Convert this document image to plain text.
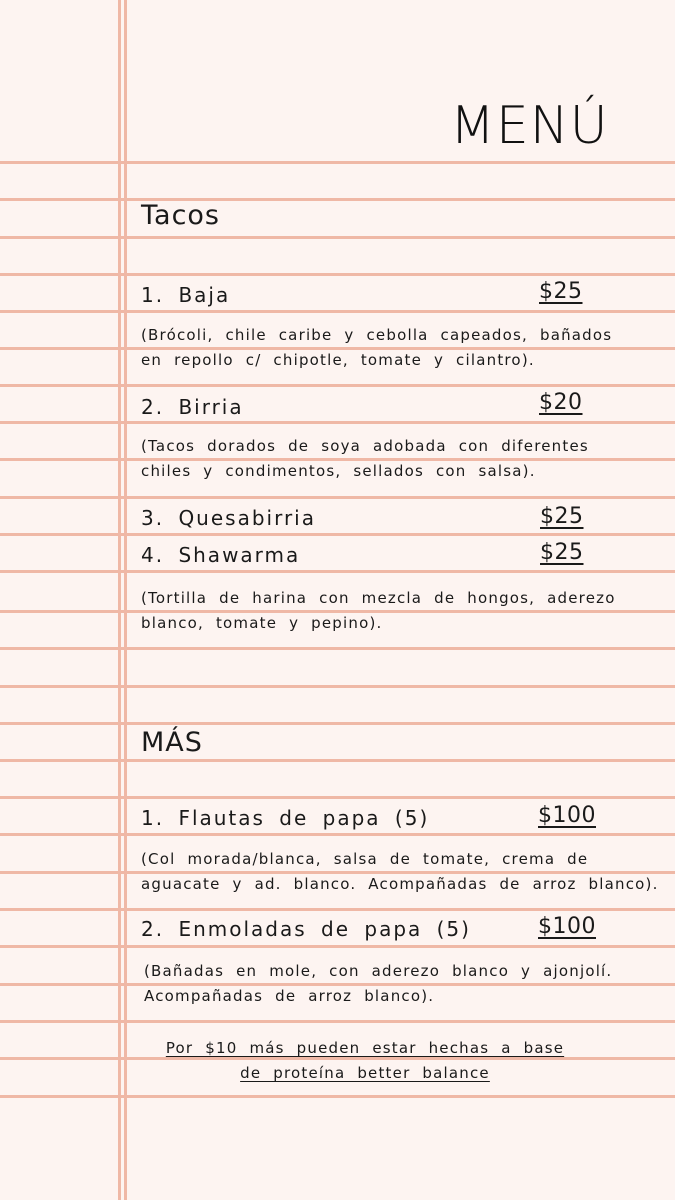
MENÚ
Tacos
1. Baja	$25
(Brócoli, chile caribe y cebolla capeados, bañados
en repollo c/ chipotle, tomate y cilantro).
2. Birria	$20
(Tacos dorados de soya adobada con diferentes
chiles y condimentos, sellados con salsa).
3. Quesabirria	$25
4. Shawarma	$25
(Tortilla de harina con mezcla de hongos, aderezo
blanco, tomate y pepino).
MÁS
1. Flautas de papa (5)	$100
(Col morada/blanca, salsa de tomate, crema de
aguacate y ad. blanco. Acompañadas de arroz blanco).
2. Enmoladas de papa (5)	$100
(Bañadas en mole, con aderezo blanco y ajonjolí.
Acompañadas de arroz blanco).
Por $10 más pueden estar hechas a base
de proteína better balance
